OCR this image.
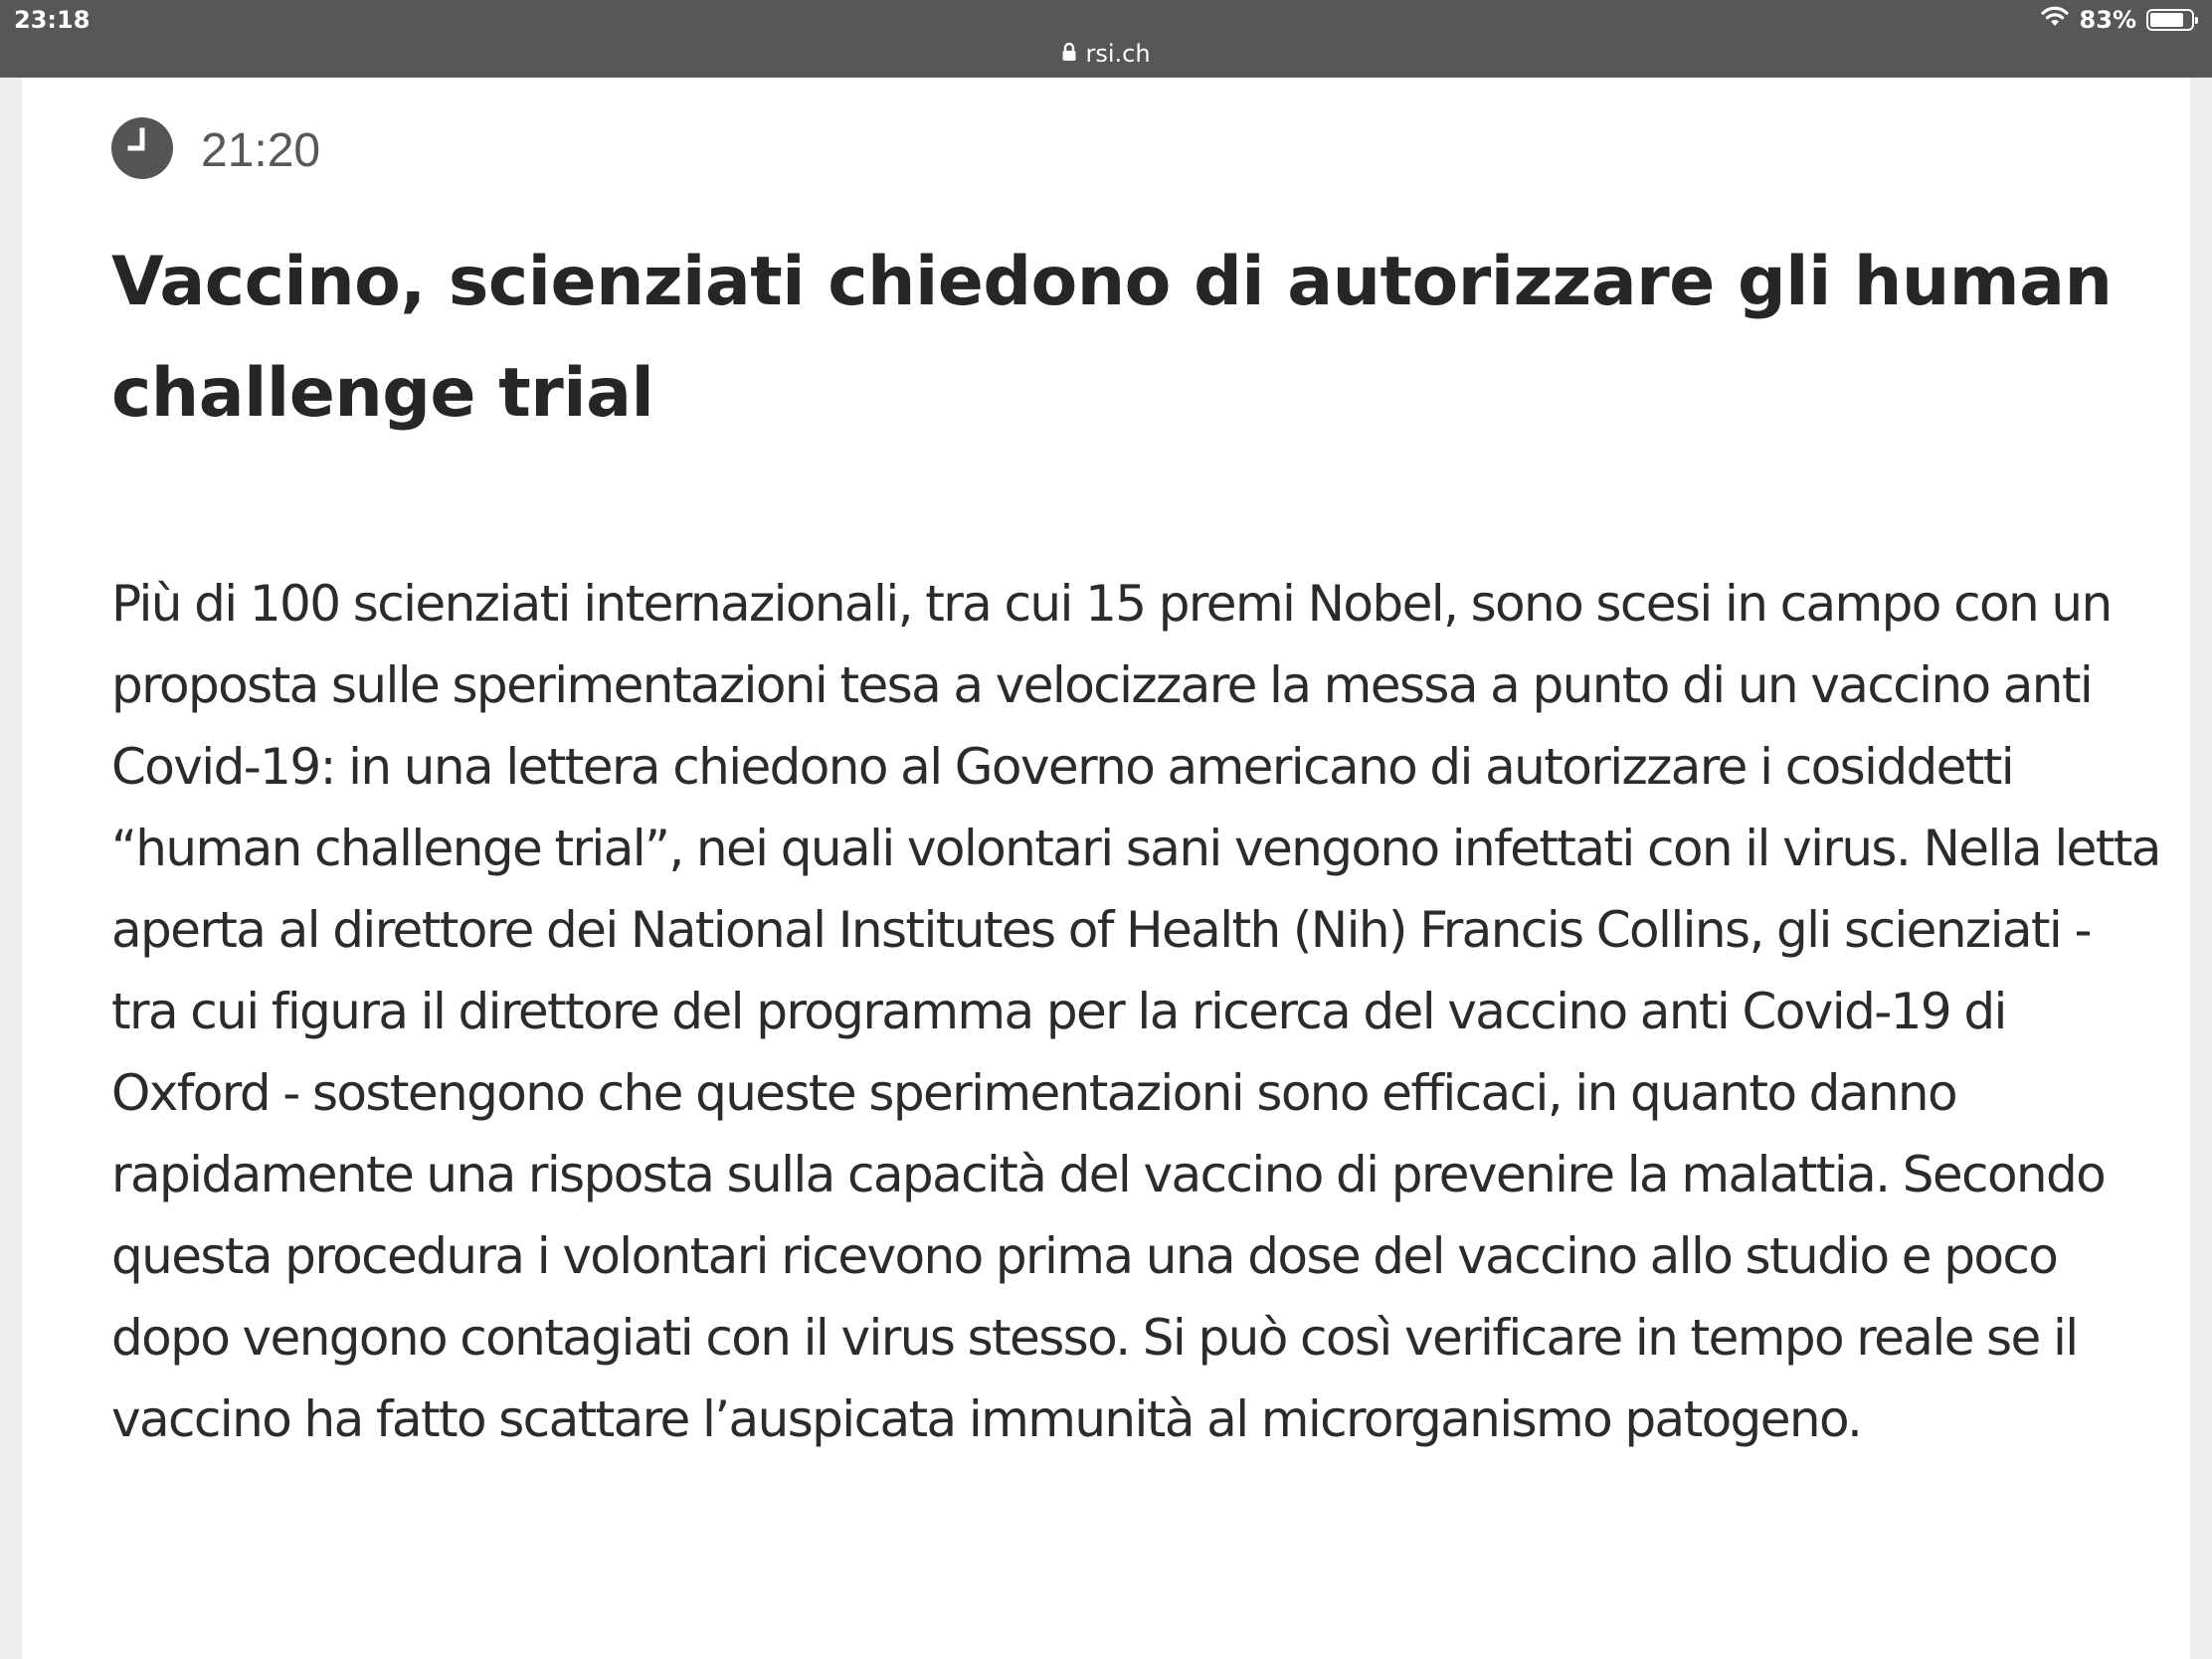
23:18	83%
rsi.ch
21:20
Vaccino, scienziati chiedono di autorizzare gli human challenge trial

Più di 100 scienziati internazionali, tra cui 15 premi Nobel, sono scesi in campo con un proposta sulle sperimentazioni tesa a velocizzare la messa a punto di un vaccino anti Covid-19: in una lettera chiedono al Governo americano di autorizzare i cosiddetti “human challenge trial”, nei quali volontari sani vengono infettati con il virus. Nella letta aperta al direttore dei National Institutes of Health (Nih) Francis Collins, gli scienziati - tra cui figura il direttore del programma per la ricerca del vaccino anti Covid-19 di Oxford - sostengono che queste sperimentazioni sono efficaci, in quanto danno rapidamente una risposta sulla capacità del vaccino di prevenire la malattia. Secondo questa procedura i volontari ricevono prima una dose del vaccino allo studio e poco dopo vengono contagiati con il virus stesso. Si può così verificare in tempo reale se il vaccino ha fatto scattare l’auspicata immunità al microrganismo patogeno.
